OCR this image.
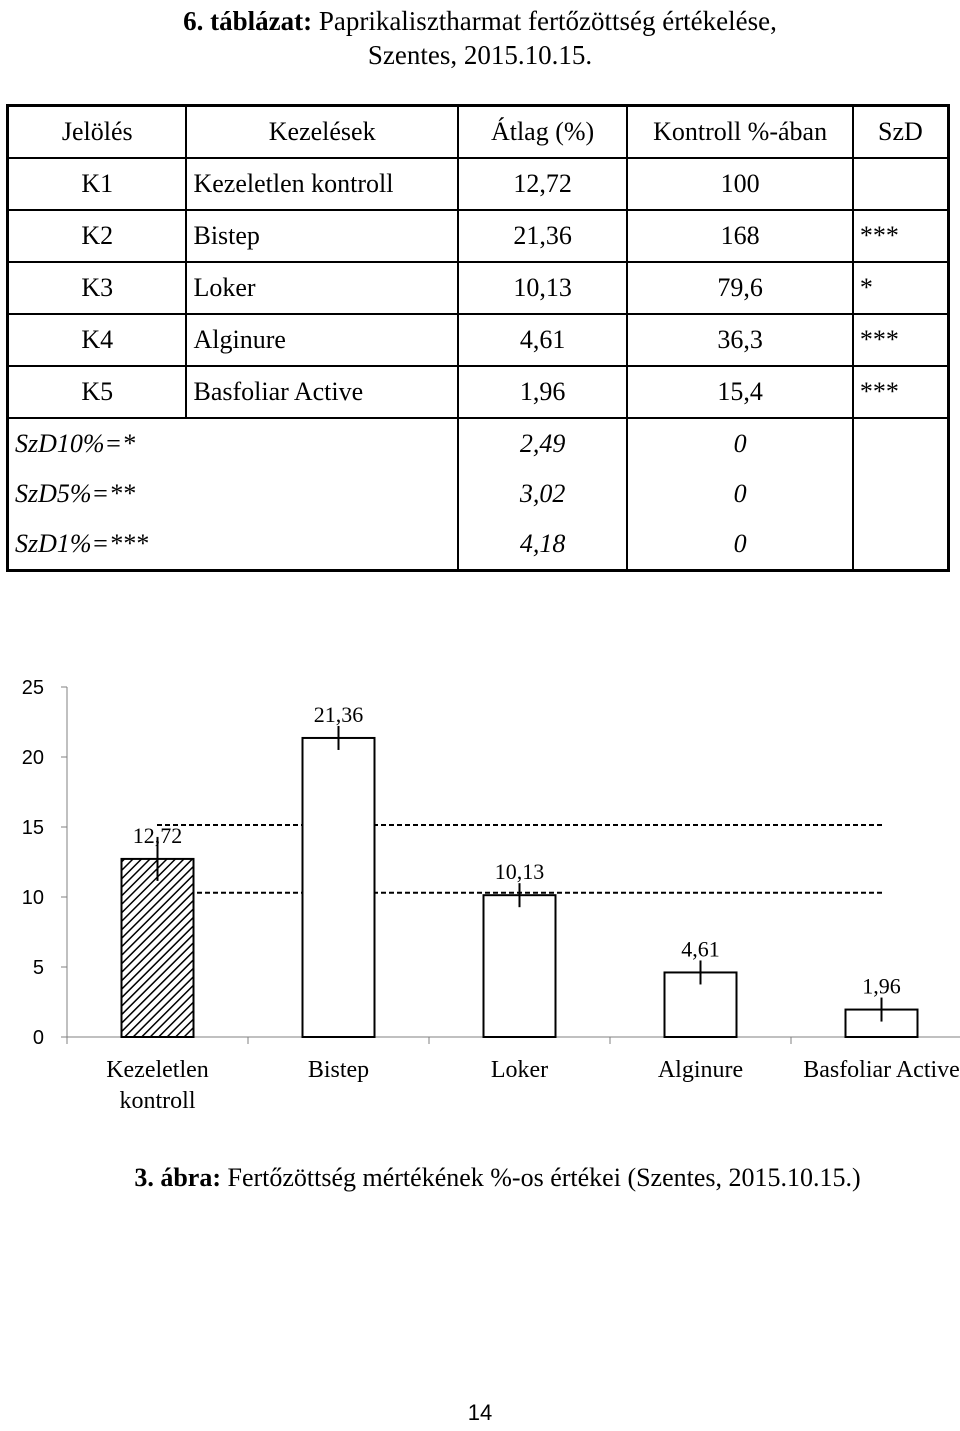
6. táblázat: Paprikalisztharmat fertőzöttség értékelése,
Szentes, 2015.10.15.
Jelölés	Kezelések	Átlag (%)	Kontroll %-ában	SzD
K1	Kezeletlen kontroll	12,72	100	
K2	Bistep	21,36	168	***
K3	Loker	10,13	79,6	*
K4	Alginure	4,61	36,3	***
K5	Basfoliar Active	1,96	15,4	***
SzD10%=*		2,49	0	
SzD5%=**		3,02	0	
SzD1%=***		4,18	0	
0
5
10
15
20
25
12,72
Kezeletlen
kontroll
21,36
Bistep
10,13
Loker
4,61
Alginure
1,96
Basfoliar Active
3. ábra: Fertőzöttség mértékének %-os értékei (Szentes, 2015.10.15.)
14
